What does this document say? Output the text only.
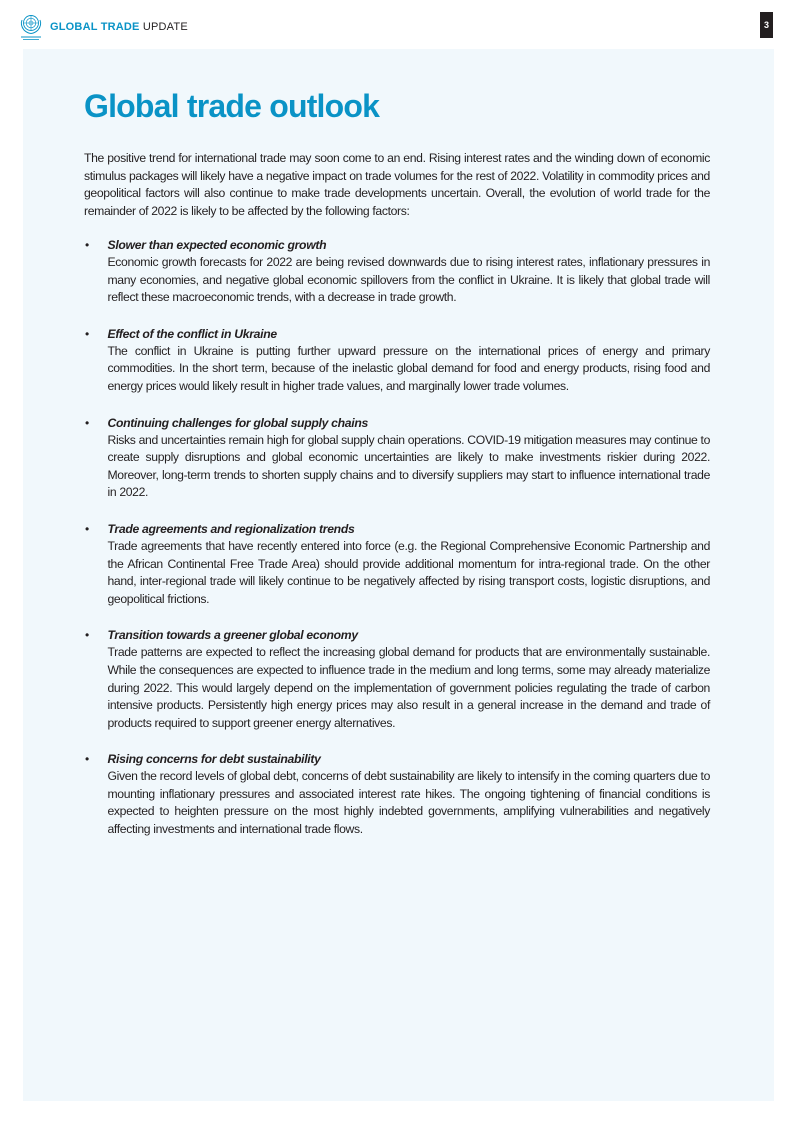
GLOBAL TRADE UPDATE	3
Global trade outlook

The positive trend for international trade may soon come to an end. Rising interest rates and the winding down of economic stimulus packages will likely have a negative impact on trade volumes for the rest of 2022. Volatility in commodity prices and geopolitical factors will also continue to make trade developments uncertain. Overall, the evolution of world trade for the remainder of 2022 is likely to be affected by the following factors:

• Slower than expected economic growth
Economic growth forecasts for 2022 are being revised downwards due to rising interest rates, inflationary pressures in many economies, and negative global economic spillovers from the conflict in Ukraine. It is likely that global trade will reflect these macroeconomic trends, with a decrease in trade growth.
• Effect of the conflict in Ukraine
The conflict in Ukraine is putting further upward pressure on the international prices of energy and primary commodities. In the short term, because of the inelastic global demand for food and energy products, rising food and energy prices would likely result in higher trade values, and marginally lower trade volumes.
• Continuing challenges for global supply chains
Risks and uncertainties remain high for global supply chain operations. COVID-19 mitigation measures may continue to create supply disruptions and global economic uncertainties are likely to make investments riskier during 2022. Moreover, long-term trends to shorten supply chains and to diversify suppliers may start to influence international trade in 2022.
• Trade agreements and regionalization trends
Trade agreements that have recently entered into force (e.g. the Regional Comprehensive Economic Partnership and the African Continental Free Trade Area) should provide additional momentum for intra-regional trade. On the other hand, inter-regional trade will likely continue to be negatively affected by rising transport costs, logistic disruptions, and geopolitical frictions.
• Transition towards a greener global economy
Trade patterns are expected to reflect the increasing global demand for products that are environmentally sustainable. While the consequences are expected to influence trade in the medium and long terms, some may already materialize during 2022. This would largely depend on the implementation of government policies regulating the trade of carbon intensive products. Persistently high energy prices may also result in a general increase in the demand and trade of products required to support greener energy alternatives.
• Rising concerns for debt sustainability
Given the record levels of global debt, concerns of debt sustainability are likely to intensify in the coming quarters due to mounting inflationary pressures and associated interest rate hikes. The ongoing tightening of financial conditions is expected to heighten pressure on the most highly indebted governments, amplifying vulnerabilities and negatively affecting investments and international trade flows.
